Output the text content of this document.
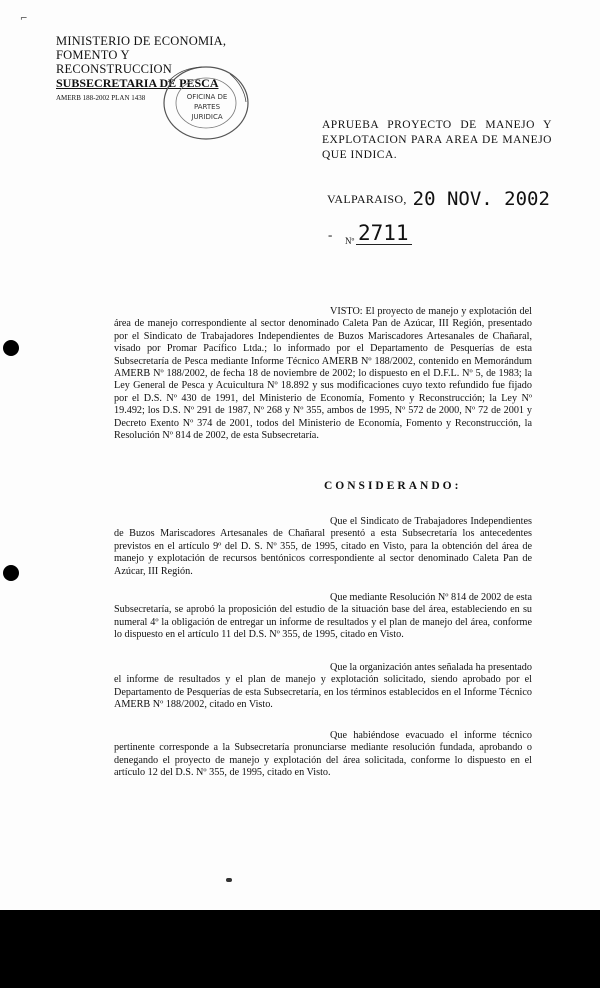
⌐
MINISTERIO DE ECONOMIA,
FOMENTO Y RECONSTRUCCION
SUBSECRETARIA DE PESCA
AMERB 188-2002 PLAN 1438	OFICINA DE
PARTES
JURIDICA
APRUEBA PROYECTO DE MANEJO Y EXPLOTACION PARA AREA DE MANEJO QUE INDICA.
VALPARAISO, 20 NOV. 2002
- Nº 2711
VISTO: El proyecto de manejo y explotación del área de manejo correspondiente al sector denominado Caleta Pan de Azúcar, III Región, presentado por el Sindicato de Trabajadores Independientes de Buzos Mariscadores Artesanales de Chañaral, visado por Promar Pacífico Ltda.; lo informado por el Departamento de Pesquerías de esta Subsecretaría de Pesca mediante Informe Técnico AMERB Nº 188/2002, contenido en Memorándum AMERB Nº 188/2002, de fecha 18 de noviembre de 2002; lo dispuesto en el D.F.L. Nº 5, de 1983; la Ley General de Pesca y Acuicultura Nº 18.892 y sus modificaciones cuyo texto refundido fue fijado por el D.S. Nº 430 de 1991, del Ministerio de Economía, Fomento y Reconstrucción; la Ley Nº 19.492; los D.S. Nº 291 de 1987, Nº 268 y Nº 355, ambos de 1995, Nº 572 de 2000, Nº 72 de 2001 y Decreto Exento Nº 374 de 2001, todos del Ministerio de Economía, Fomento y Reconstrucción, la Resolución Nº 814 de 2002, de esta Subsecretaría.
CONSIDERANDO:
Que el Sindicato de Trabajadores Independientes de Buzos Mariscadores Artesanales de Chañaral presentó a esta Subsecretaría los antecedentes previstos en el artículo 9º del D. S. Nº 355, de 1995, citado en Visto, para la obtención del área de manejo y explotación de recursos bentónicos correspondiente al sector denominado Caleta Pan de Azúcar, III Región.
Que mediante Resolución Nº 814 de 2002 de esta Subsecretaría, se aprobó la proposición del estudio de la situación base del área, estableciendo en su numeral 4º la obligación de entregar un informe de resultados y el plan de manejo del área, conforme lo dispuesto en el artículo 11 del D.S. Nº 355, de 1995, citado en Visto.
Que la organización antes señalada ha presentado el informe de resultados y el plan de manejo y explotación solicitado, siendo aprobado por el Departamento de Pesquerías de esta Subsecretaría, en los términos establecidos en el Informe Técnico AMERB Nº 188/2002, citado en Visto.
Que habiéndose evacuado el informe técnico pertinente corresponde a la Subsecretaría pronunciarse mediante resolución fundada, aprobando o denegando el proyecto de manejo y explotación del área solicitada, conforme lo dispuesto en el artículo 12 del D.S. Nº 355, de 1995, citado en Visto.
